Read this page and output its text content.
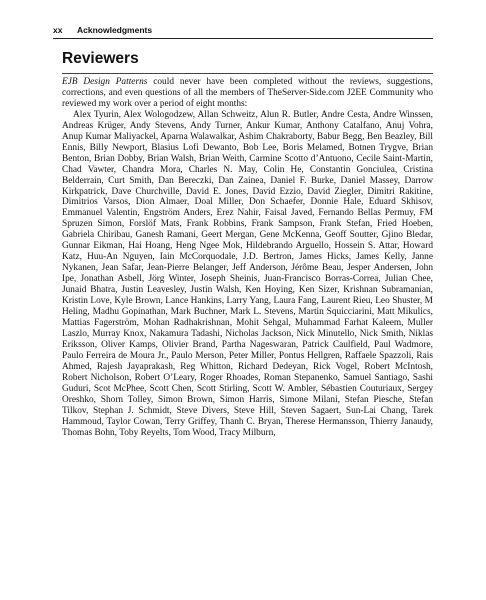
xx Acknowledgments
Reviewers

EJB Design Patterns could never have been completed without the reviews, suggestions, corrections, and even questions of all the members of TheServer-Side.com J2EE Community who reviewed my work over a period of eight months:

Alex Tyurin, Alex Wologodzew, Allan Schweitz, Alun R. Butler, Andre Cesta, Andre Winssen, Andreas Krüger, Andy Stevens, Andy Turner, Ankur Kumar, Anthony Catalfano, Anuj Vohra, Anup Kumar Maliyackel, Aparna Walawalkar, Ashim Chakraborty, Babur Begg, Ben Beazley, Bill Ennis, Billy Newport, Blasius Lofi Dewanto, Bob Lee, Boris Melamed, Botnen Trygve, Brian Benton, Brian Dobby, Brian Walsh, Brian Weith, Carmine Scotto d’Antuono, Cecile Saint-Martin, Chad Vawter, Chandra Mora, Charles N. May, Colin He, Constantin Gonciulea, Cristina Belderrain, Curt Smith, Dan Bereczki, Dan Zainea, Daniel F. Burke, Daniel Massey, Darrow Kirkpatrick, Dave Churchville, David E. Jones, David Ezzio, David Ziegler, Dimitri Rakitine, Dimitrios Varsos, Dion Almaer, Doal Miller, Don Schaefer, Donnie Hale, Eduard Skhisov, Emmanuel Valentin, Engström Anders, Erez Nahir, Faisal Javed, Fernando Bellas Permuy, FM Spruzen Simon, Forslöf Mats, Frank Robbins, Frank Sampson, Frank Stefan, Fried Hoeben, Gabriela Chiribau, Ganesh Ramani, Geert Mergan, Gene McKenna, Geoff Soutter, Gjino Bledar, Gunnar Eikman, Hai Hoang, Heng Ngee Mok, Hildebrando Arguello, Hossein S. Attar, Howard Katz, Huu-An Nguyen, Iain McCorquodale, J.D. Bertron, James Hicks, James Kelly, Janne Nykanen, Jean Safar, Jean-Pierre Belanger, Jeff Anderson, Jérôme Beau, Jesper Andersen, John Ipe, Jonathan Asbell, Jörg Winter, Joseph Sheinis, Juan-Francisco Borras-Correa, Julian Chee, Junaid Bhatra, Justin Leavesley, Justin Walsh, Ken Hoying, Ken Sizer, Krishnan Subramanian, Kristin Love, Kyle Brown, Lance Hankins, Larry Yang, Laura Fang, Laurent Rieu, Leo Shuster, M Heling, Madhu Gopinathan, Mark Buchner, Mark L. Stevens, Martin Squicciarini, Matt Mikulics, Mattias Fagerström, Mohan Radhakrishnan, Mohit Sehgal, Muhammad Farhat Kaleem, Muller Laszlo, Murray Knox, Nakamura Tadashi, Nicholas Jackson, Nick Minutello, Nick Smith, Niklas Eriksson, Oliver Kamps, Olivier Brand, Partha Nageswaran, Patrick Caulfield, Paul Wadmore, Paulo Ferreira de Moura Jr., Paulo Merson, Peter Miller, Pontus Hellgren, Raffaele Spazzoli, Rais Ahmed, Rajesh Jayaprakash, Reg Whitton, Richard Dedeyan, Rick Vogel, Robert McIntosh, Robert Nicholson, Robert O’Leary, Roger Rhoades, Roman Stepanenko, Samuel Santiago, Sashi Guduri, Scot McPhee, Scott Chen, Scott Stirling, Scott W. Ambler, Sébastien Couturiaux, Sergey Oreshko, Shorn Tolley, Simon Brown, Simon Harris, Simone Milani, Stefan Piesche, Stefan Tilkov, Stephan J. Schmidt, Steve Divers, Steve Hill, Steven Sagaert, Sun-Lai Chang, Tarek Hammoud, Taylor Cowan, Terry Griffey, Thanh C. Bryan, Therese Hermansson, Thierry Janaudy, Thomas Bohn, Toby Reyelts, Tom Wood, Tracy Milburn,
